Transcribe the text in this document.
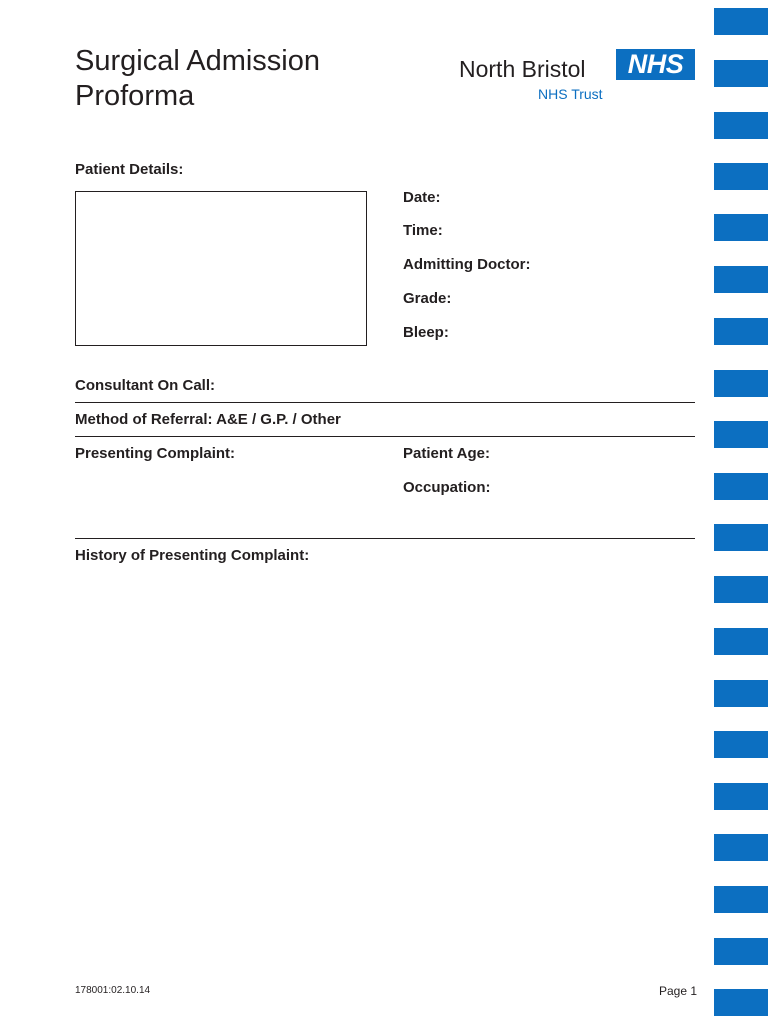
Surgical Admission
Proforma
North Bristol	NHS
NHS Trust
Patient Details:
Date:
Time:
Admitting Doctor:
Grade:
Bleep:
Consultant On Call:
Method of Referral: A&E / G.P. / Other
Presenting Complaint:	Patient Age:
Occupation:
History of Presenting Complaint:
178001:02.10.14	Page 1
